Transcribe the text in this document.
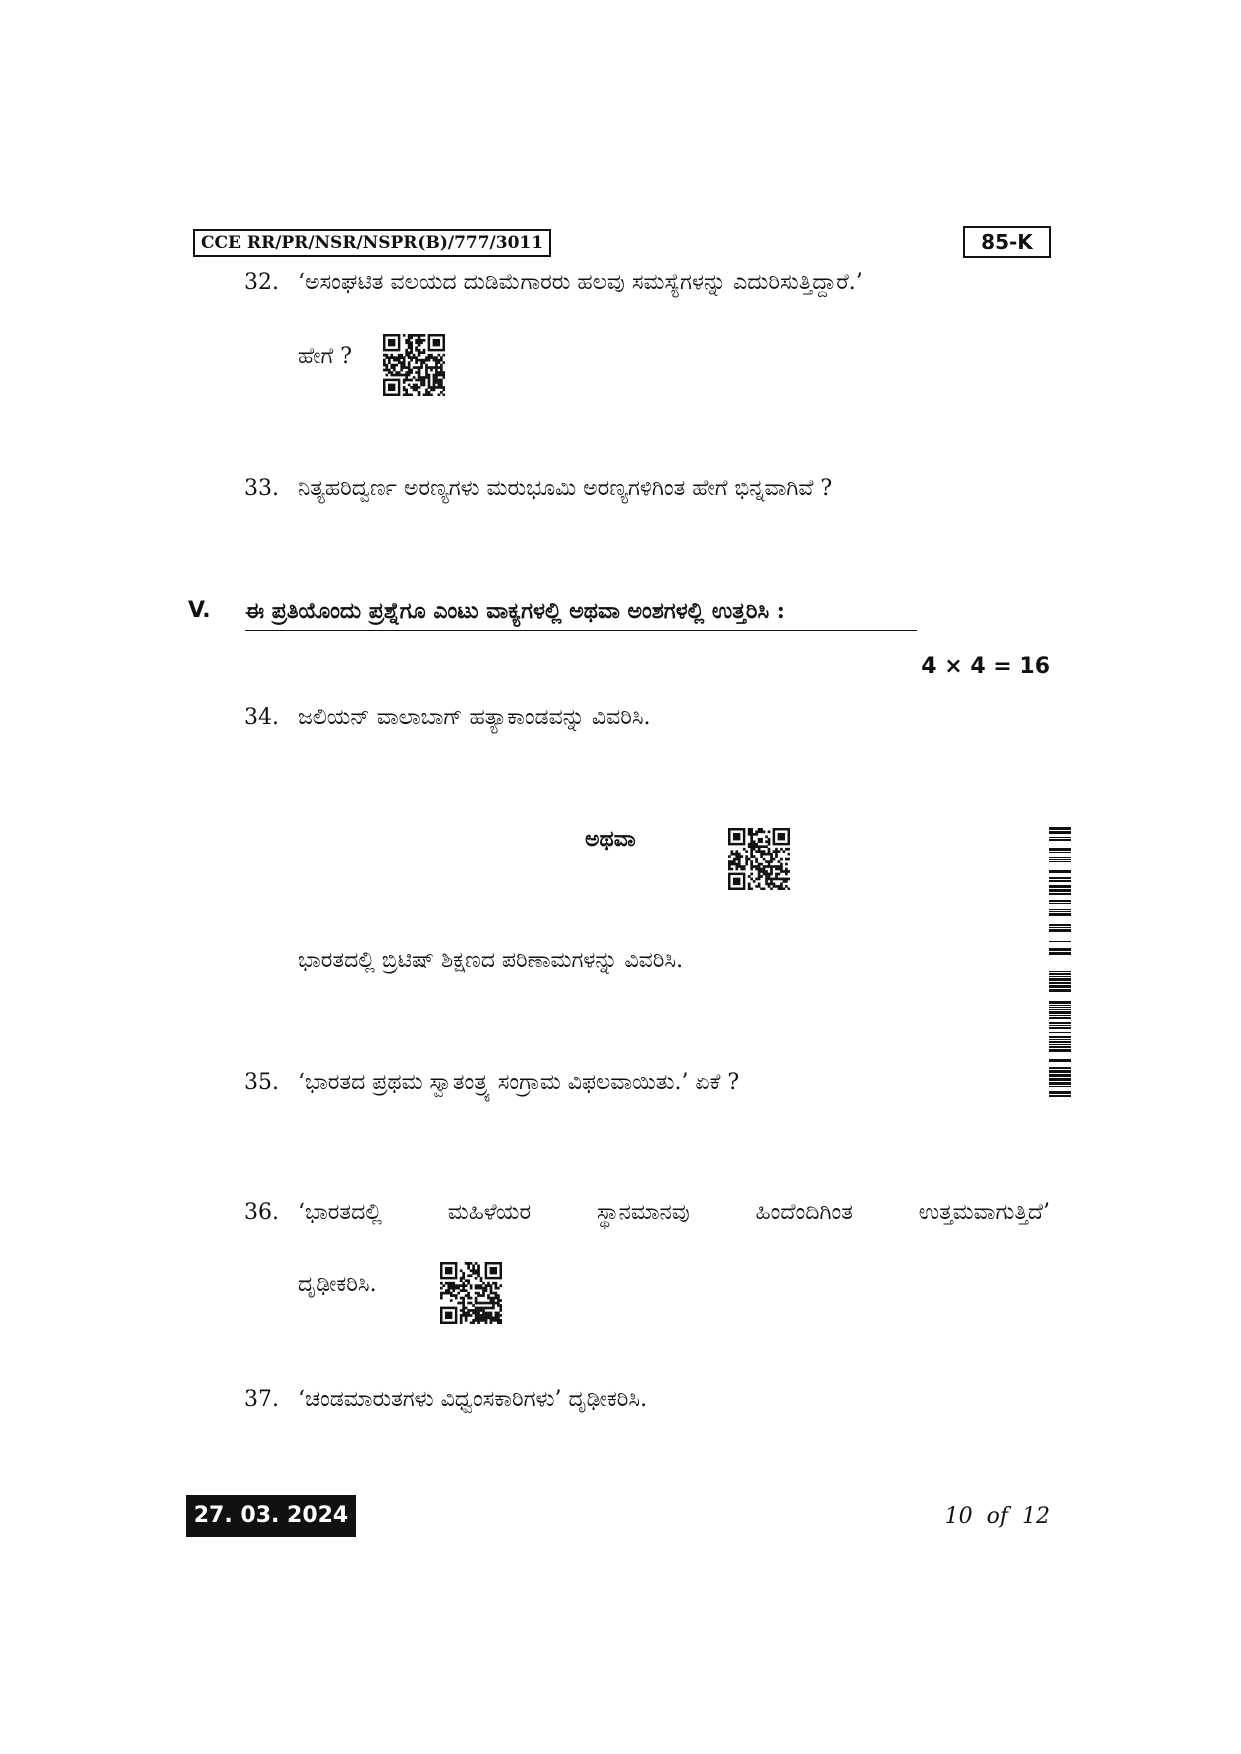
CCE RR/PR/NSR/NSPR(B)/777/3011	85-K
32. ‘ಅಸಂಘಟಿತ ವಲಯದ ದುಡಿಮೆಗಾರರು ಹಲವು ಸಮಸ್ಯೆಗಳನ್ನು ಎದುರಿಸುತ್ತಿದ್ದಾರೆ.’
ಹೇಗೆ ?
33. ನಿತ್ಯಹರಿದ್ವರ್ಣ ಅರಣ್ಯಗಳು ಮರುಭೂಮಿ ಅರಣ್ಯಗಳಿಗಿಂತ ಹೇಗೆ ಭಿನ್ನವಾಗಿವೆ ?
V. ಈ ಪ್ರತಿಯೊಂದು ಪ್ರಶ್ನೆಗೂ ಎಂಟು ವಾಕ್ಯಗಳಲ್ಲಿ ಅಥವಾ ಅಂಶಗಳಲ್ಲಿ ಉತ್ತರಿಸಿ :
4 × 4 = 16
34. ಜಲಿಯನ್ ವಾಲಾಬಾಗ್ ಹತ್ಯಾಕಾಂಡವನ್ನು ವಿವರಿಸಿ.
ಅಥವಾ
ಭಾರತದಲ್ಲಿ ಬ್ರಿಟಿಷ್ ಶಿಕ್ಷಣದ ಪರಿಣಾಮಗಳನ್ನು ವಿವರಿಸಿ.
35. ‘ಭಾರತದ ಪ್ರಥಮ ಸ್ವಾತಂತ್ರ್ಯ ಸಂಗ್ರಾಮ ವಿಫಲವಾಯಿತು.’ ಏಕೆ ?
36. ‘ಭಾರತದಲ್ಲಿ	ಮಹಿಳೆಯರ	ಸ್ಥಾನಮಾನವು	ಹಿಂದೆಂದಿಗಿಂತ	ಉತ್ತಮವಾಗುತ್ತಿದೆ’
ದೃಢೀಕರಿಸಿ.
37. ‘ಚಂಡಮಾರುತಗಳು ವಿಧ್ವಂಸಕಾರಿಗಳು’ ದೃಢೀಕರಿಸಿ.
27. 03. 2024	10  of  12
